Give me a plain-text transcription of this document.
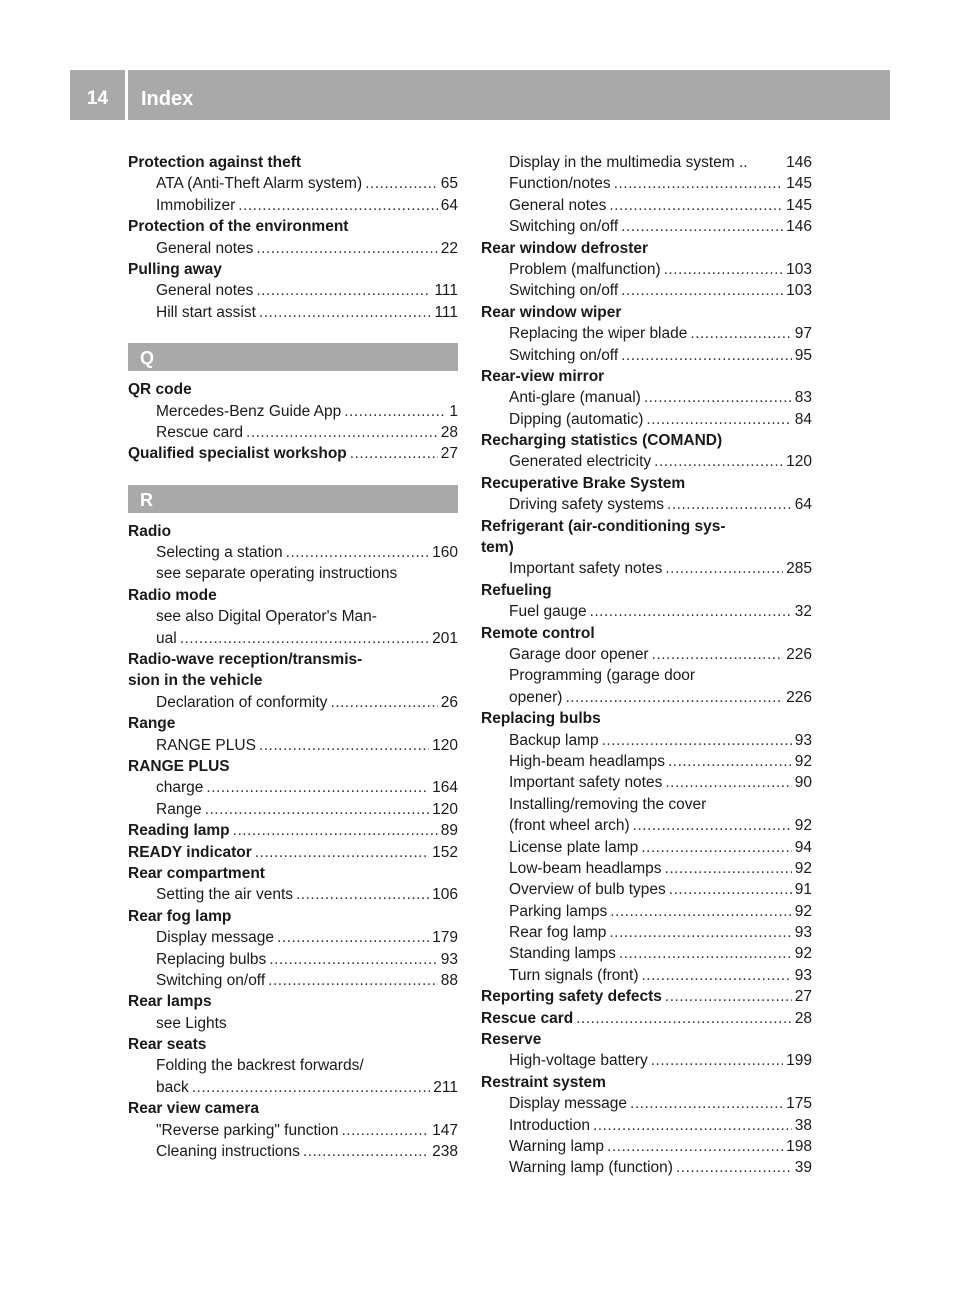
14	Index
Protection against theft
ATA (Anti-Theft Alarm system) .....	65
Immobilizer .....	64
Protection of the environment
General notes .....	22
Pulling away
General notes .....	111
Hill start assist .....	111
Q
QR code
Mercedes-Benz Guide App .....	1
Rescue card .....	28
Qualified specialist workshop .....	27
R
Radio
Selecting a station .....	160
see separate operating instructions
Radio mode
see also Digital Operator's Man-
ual .....	201
Radio-wave reception/transmis-
sion in the vehicle
Declaration of conformity .....	26
Range
RANGE PLUS .....	120
RANGE PLUS
charge .....	164
Range .....	120
Reading lamp .....	89
READY indicator .....	152
Rear compartment
Setting the air vents .....	106
Rear fog lamp
Display message .....	179
Replacing bulbs .....	93
Switching on/off .....	88
Rear lamps
see Lights
Rear seats
Folding the backrest forwards/
back .....	211
Rear view camera
"Reverse parking" function .....	147
Cleaning instructions .....	238
Display in the multimedia system .. 146
Function/notes .....	145
General notes .....	145
Switching on/off .....	146
Rear window defroster
Problem (malfunction) .....	103
Switching on/off .....	103
Rear window wiper
Replacing the wiper blade .....	97
Switching on/off .....	95
Rear-view mirror
Anti-glare (manual) .....	83
Dipping (automatic) .....	84
Recharging statistics (COMAND)
Generated electricity .....	120
Recuperative Brake System
Driving safety systems .....	64
Refrigerant (air-conditioning sys-
tem)
Important safety notes .....	285
Refueling
Fuel gauge .....	32
Remote control
Garage door opener .....	226
Programming (garage door
opener) .....	226
Replacing bulbs
Backup lamp .....	93
High-beam headlamps .....	92
Important safety notes .....	90
Installing/removing the cover
(front wheel arch) .....	92
License plate lamp .....	94
Low-beam headlamps .....	92
Overview of bulb types .....	91
Parking lamps .....	92
Rear fog lamp .....	93
Standing lamps .....	92
Turn signals (front) .....	93
Reporting safety defects .....	27
Rescue card .....	28
Reserve
High-voltage battery .....	199
Restraint system
Display message .....	175
Introduction .....	38
Warning lamp .....	198
Warning lamp (function) .....	39
